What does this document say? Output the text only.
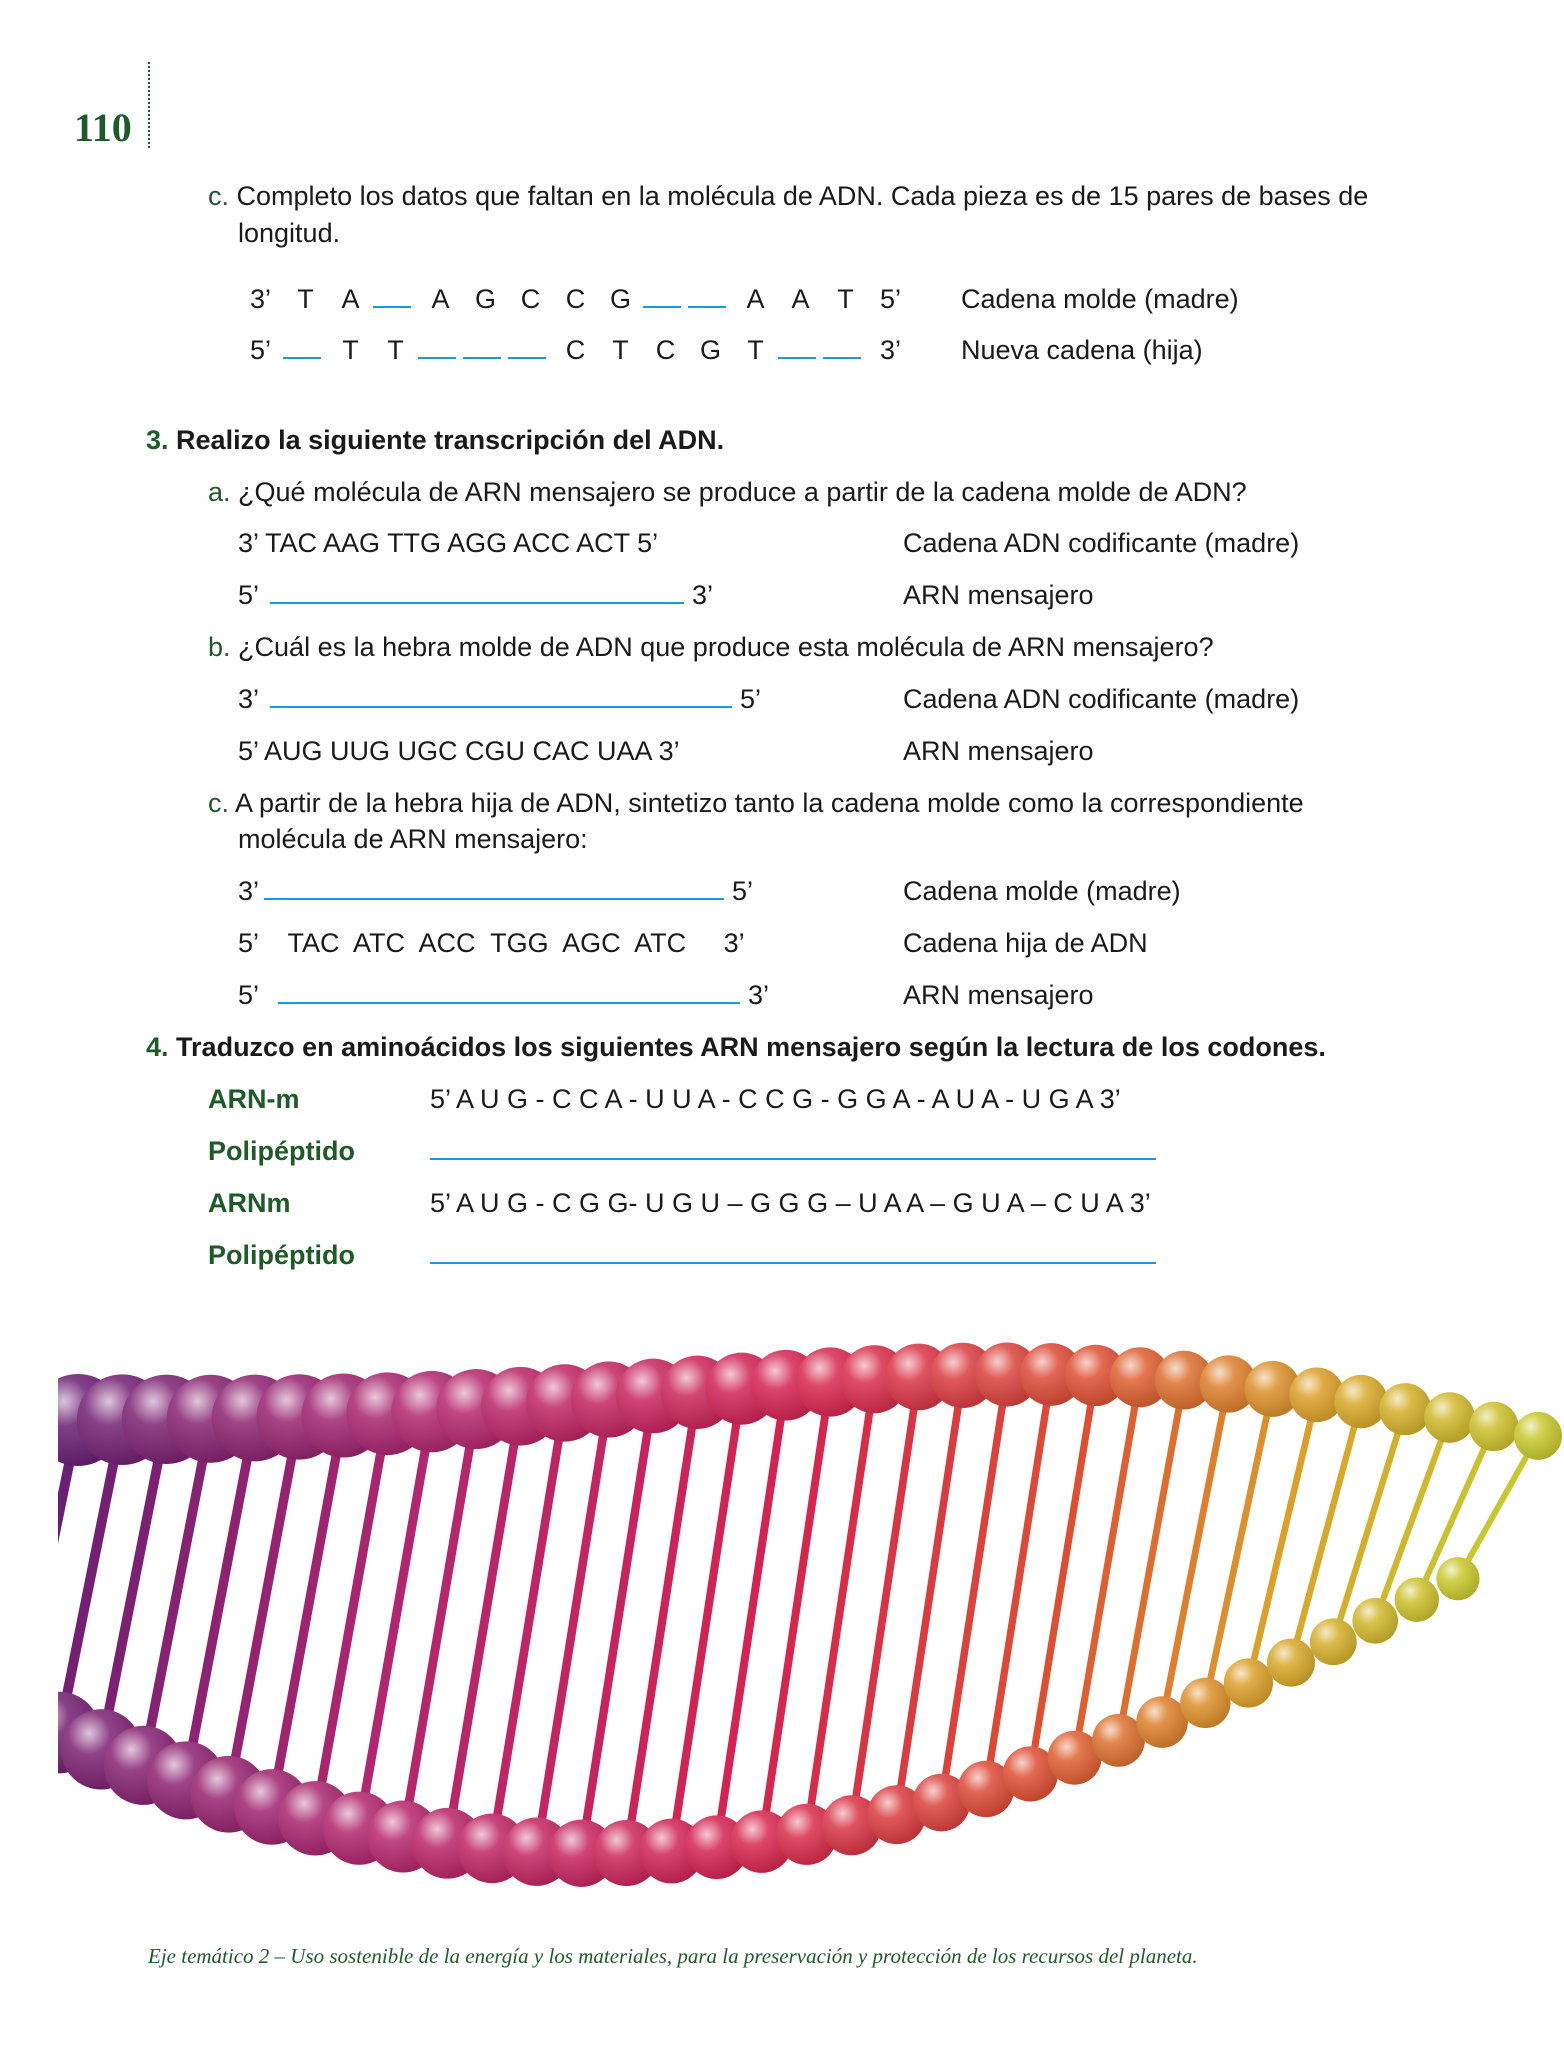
110
c. Completo los datos que faltan en la molécula de ADN. Cada pieza es de 15 pares de bases de
longitud.
3’ T A	A G C C G	A A T 5’	Cadena molde (madre)
5’	T T	C T C G T	3’	Nueva cadena (hija)
3. Realizo la siguiente transcripción del ADN.
a. ¿Qué molécula de ARN mensajero se produce a partir de la cadena molde de ADN?
3’ TAC AAG TTG AGG ACC ACT 5’	Cadena ADN codificante (madre)
5’	3’	ARN mensajero
b. ¿Cuál es la hebra molde de ADN que produce esta molécula de ARN mensajero?
3’	5’	Cadena ADN codificante (madre)
5’ AUG UUG UGC CGU CAC UAA 3’	ARN mensajero
c. A partir de la hebra hija de ADN, sintetizo tanto la cadena molde como la correspondiente
molécula de ARN mensajero:
3’	5’	Cadena molde (madre)
5’    TAC  ATC  ACC  TGG  AGC  ATC     3’	Cadena hija de ADN
5’	3’	ARN mensajero
4. Traduzco en aminoácidos los siguientes ARN mensajero según la lectura de los codones.
ARN-m	5’ A U G - C C A - U U A - C C G - G G A - A U A - U G A 3’
Polipéptido
ARNm	5’ A U G - C G G- U G U – G G G – U A A – G U A – C U A 3’
Polipéptido
Eje temático 2 – Uso sostenible de la energía y los materiales, para la preservación y protección de los recursos del planeta.
